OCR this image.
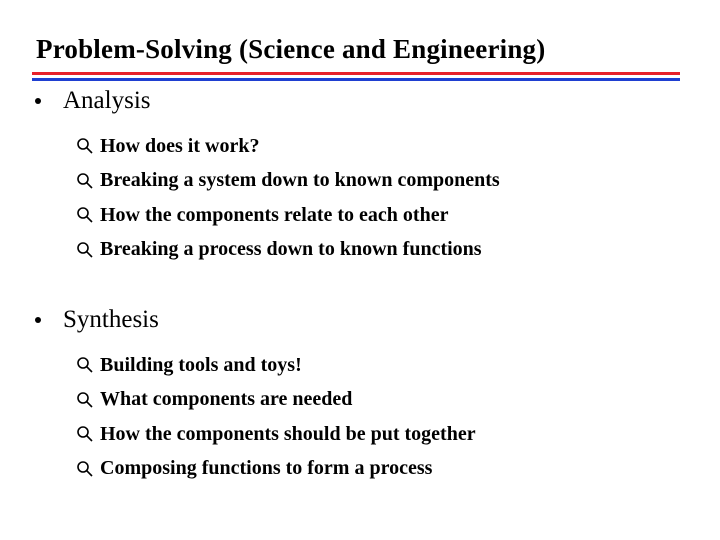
Problem-Solving (Science and Engineering)
Analysis
How does it work?
Breaking a system down to known components
How the components relate to each other
Breaking a process down to known functions
Synthesis
Building tools and toys!
What components are needed
How the components should be put together
Composing functions to form a process
